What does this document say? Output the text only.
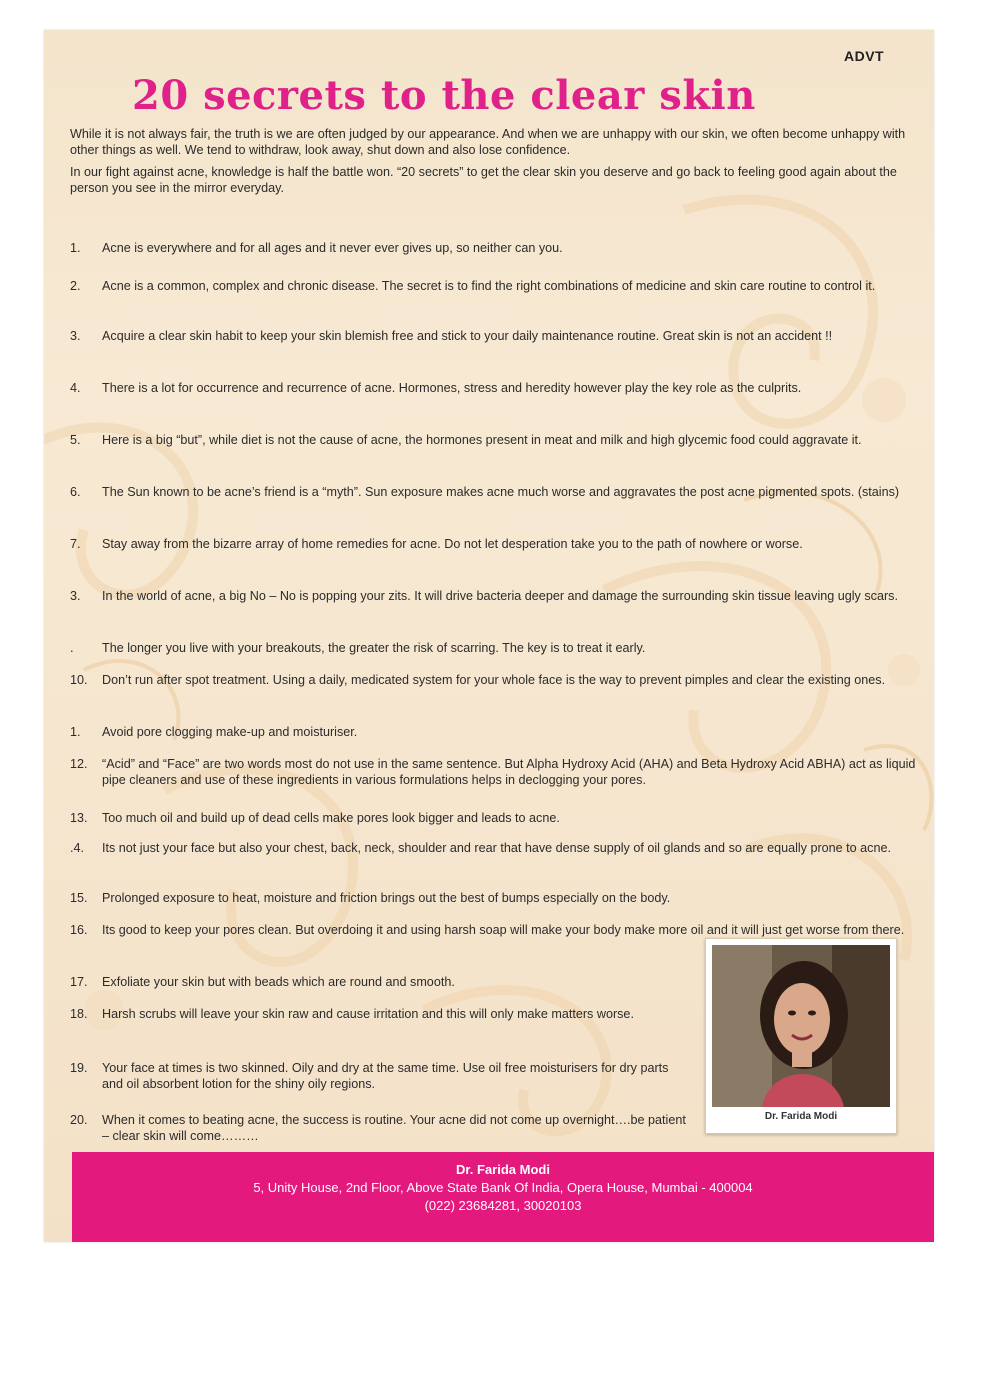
ADVT
20 secrets to the clear skin

While it is not always fair, the truth is we are often judged by our appearance. And when we are unhappy with our skin, we often become unhappy with other things as well. We tend to withdraw, look away, shut down and also lose confidence.

In our fight against acne, knowledge is half the battle won. “20 secrets” to get the clear skin you deserve and go back to feeling good again about the person you see in the mirror everyday.

1.	Acne is everywhere and for all ages and it never ever gives up, so neither can you.
2.	Acne is a common, complex and chronic disease. The secret is to find the right combinations of medicine and skin care routine to control it.
3.	Acquire a clear skin habit to keep your skin blemish free and stick to your daily maintenance routine. Great skin is not an accident !!
4.	There is a lot for occurrence and recurrence of acne. Hormones, stress and heredity however play the key role as the culprits.
5.	Here is a big “but”, while diet is not the cause of acne, the hormones present in meat and milk and high glycemic food could aggravate it.
6.	The Sun known to be acne’s friend is a “myth”. Sun exposure makes acne much worse and aggravates the post acne pigmented spots. (stains)
7.	Stay away from the bizarre array of home remedies for acne. Do not let desperation take you to the path of nowhere or worse.
3.	In the world of acne, a big No – No is popping your zits. It will drive bacteria deeper and damage the surrounding skin tissue leaving ugly scars.
.	The longer you live with your breakouts, the greater the risk of scarring. The key is to treat it early.
10.	Don’t run after spot treatment. Using a daily, medicated system for your whole face is the way to prevent pimples and clear the existing ones.
1.	Avoid pore clogging make-up and moisturiser.
12.	“Acid” and “Face” are two words most do not use in the same sentence. But Alpha Hydroxy Acid (AHA) and Beta Hydroxy Acid ABHA) act as liquid pipe cleaners and use of these ingredients in various formulations helps in declogging your pores.
13.	Too much oil and build up of dead cells make pores look bigger and leads to acne.
.4.	Its not just your face but also your chest, back, neck, shoulder and rear that have dense supply of oil glands and so are equally prone to acne.
15.	Prolonged exposure to heat, moisture and friction brings out the best of bumps especially on the body.
16.	Its good to keep your pores clean. But overdoing it and using harsh soap will make your body make more oil and it will just get worse from there.
17.	Exfoliate your skin but with beads which are round and smooth.
18.	Harsh scrubs will leave your skin raw and cause irritation and this will only make matters worse.
19.	Your face at times is two skinned. Oily and dry at the same time. Use oil free moisturisers for dry parts and oil absorbent lotion for the shiny oily regions.
20.	When it comes to beating acne, the success is routine. Your acne did not come up overnight….be patient – clear skin will come………
Dr. Farida Modi
Dr. Farida Modi
5, Unity House, 2nd Floor, Above State Bank Of India, Opera House, Mumbai - 400004
(022) 23684281, 30020103
